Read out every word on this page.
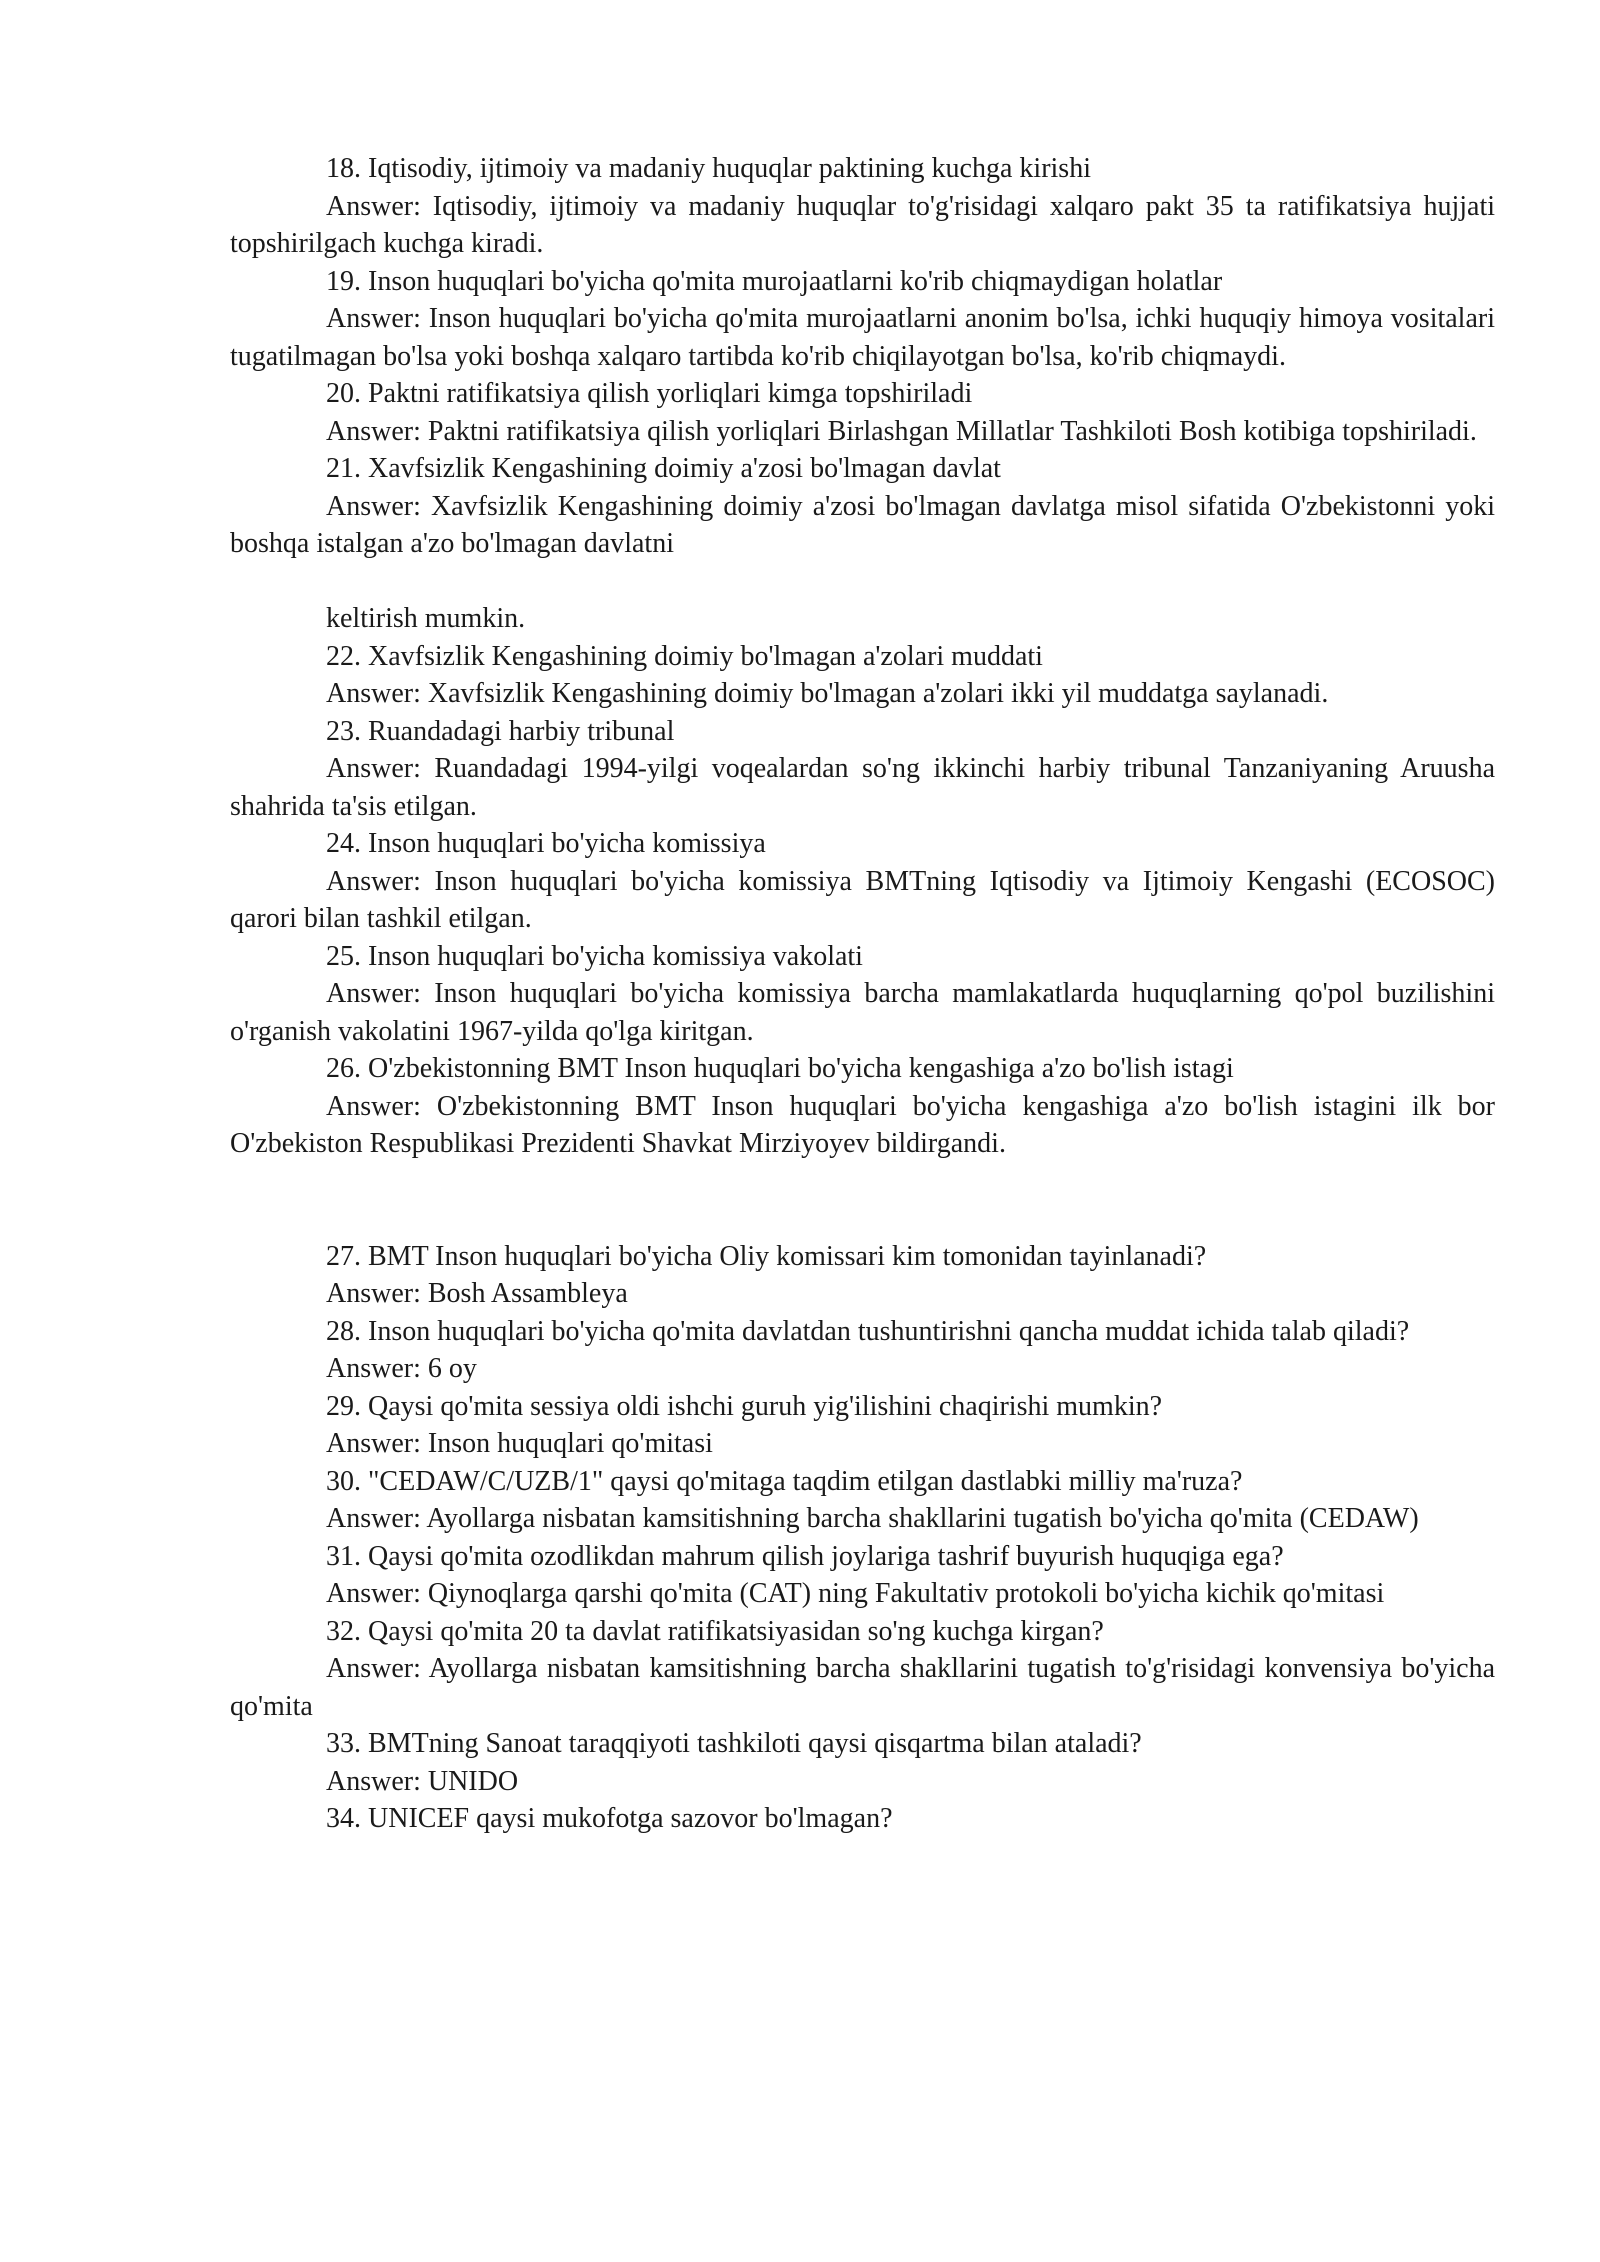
18. Iqtisodiy, ijtimoiy va madaniy huquqlar paktining kuchga kirishi

Answer: Iqtisodiy, ijtimoiy va madaniy huquqlar to'g'risidagi xalqaro pakt 35 ta ratifikatsiya hujjati topshirilgach kuchga kiradi.

19. Inson huquqlari bo'yicha qo'mita murojaatlarni ko'rib chiqmaydigan holatlar

Answer: Inson huquqlari bo'yicha qo'mita murojaatlarni anonim bo'lsa, ichki huquqiy himoya vositalari tugatilmagan bo'lsa yoki boshqa xalqaro tartibda ko'rib chiqilayotgan bo'lsa, ko'rib chiqmaydi.

20. Paktni ratifikatsiya qilish yorliqlari kimga topshiriladi

Answer: Paktni ratifikatsiya qilish yorliqlari Birlashgan Millatlar Tashkiloti Bosh kotibiga topshiriladi.

21. Xavfsizlik Kengashining doimiy a'zosi bo'lmagan davlat

Answer: Xavfsizlik Kengashining doimiy a'zosi bo'lmagan davlatga misol sifatida O'zbekistonni yoki boshqa istalgan a'zo bo'lmagan davlatni

keltirish mumkin.

22. Xavfsizlik Kengashining doimiy bo'lmagan a'zolari muddati

Answer: Xavfsizlik Kengashining doimiy bo'lmagan a'zolari ikki yil muddatga saylanadi.

23. Ruandadagi harbiy tribunal

Answer: Ruandadagi 1994-yilgi voqealardan so'ng ikkinchi harbiy tribunal Tanzaniyaning Aruusha shahrida ta'sis etilgan.

24. Inson huquqlari bo'yicha komissiya

Answer: Inson huquqlari bo'yicha komissiya BMTning Iqtisodiy va Ijtimoiy Kengashi (ECOSOC) qarori bilan tashkil etilgan.

25. Inson huquqlari bo'yicha komissiya vakolati

Answer: Inson huquqlari bo'yicha komissiya barcha mamlakatlarda huquqlarning qo'pol buzilishini o'rganish vakolatini 1967-yilda qo'lga kiritgan.

26. O'zbekistonning BMT Inson huquqlari bo'yicha kengashiga a'zo bo'lish istagi

Answer: O'zbekistonning BMT Inson huquqlari bo'yicha kengashiga a'zo bo'lish istagini ilk bor O'zbekiston Respublikasi Prezidenti Shavkat Mirziyoyev bildirgandi.

27. BMT Inson huquqlari bo'yicha Oliy komissari kim tomonidan tayinlanadi?

Answer: Bosh Assambleya

28. Inson huquqlari bo'yicha qo'mita davlatdan tushuntirishni qancha muddat ichida talab qiladi?

Answer: 6 oy

29. Qaysi qo'mita sessiya oldi ishchi guruh yig'ilishini chaqirishi mumkin?

Answer: Inson huquqlari qo'mitasi

30. "CEDAW/C/UZB/1" qaysi qo'mitaga taqdim etilgan dastlabki milliy ma'ruza?

Answer: Ayollarga nisbatan kamsitishning barcha shakllarini tugatish bo'yicha qo'mita (CEDAW)

31. Qaysi qo'mita ozodlikdan mahrum qilish joylariga tashrif buyurish huquqiga ega?

Answer: Qiynoqlarga qarshi qo'mita (CAT) ning Fakultativ protokoli bo'yicha kichik qo'mitasi

32. Qaysi qo'mita 20 ta davlat ratifikatsiyasidan so'ng kuchga kirgan?

Answer: Ayollarga nisbatan kamsitishning barcha shakllarini tugatish to'g'risidagi konvensiya bo'yicha qo'mita

33. BMTning Sanoat taraqqiyoti tashkiloti qaysi qisqartma bilan ataladi?

Answer: UNIDO

34. UNICEF qaysi mukofotga sazovor bo'lmagan?
